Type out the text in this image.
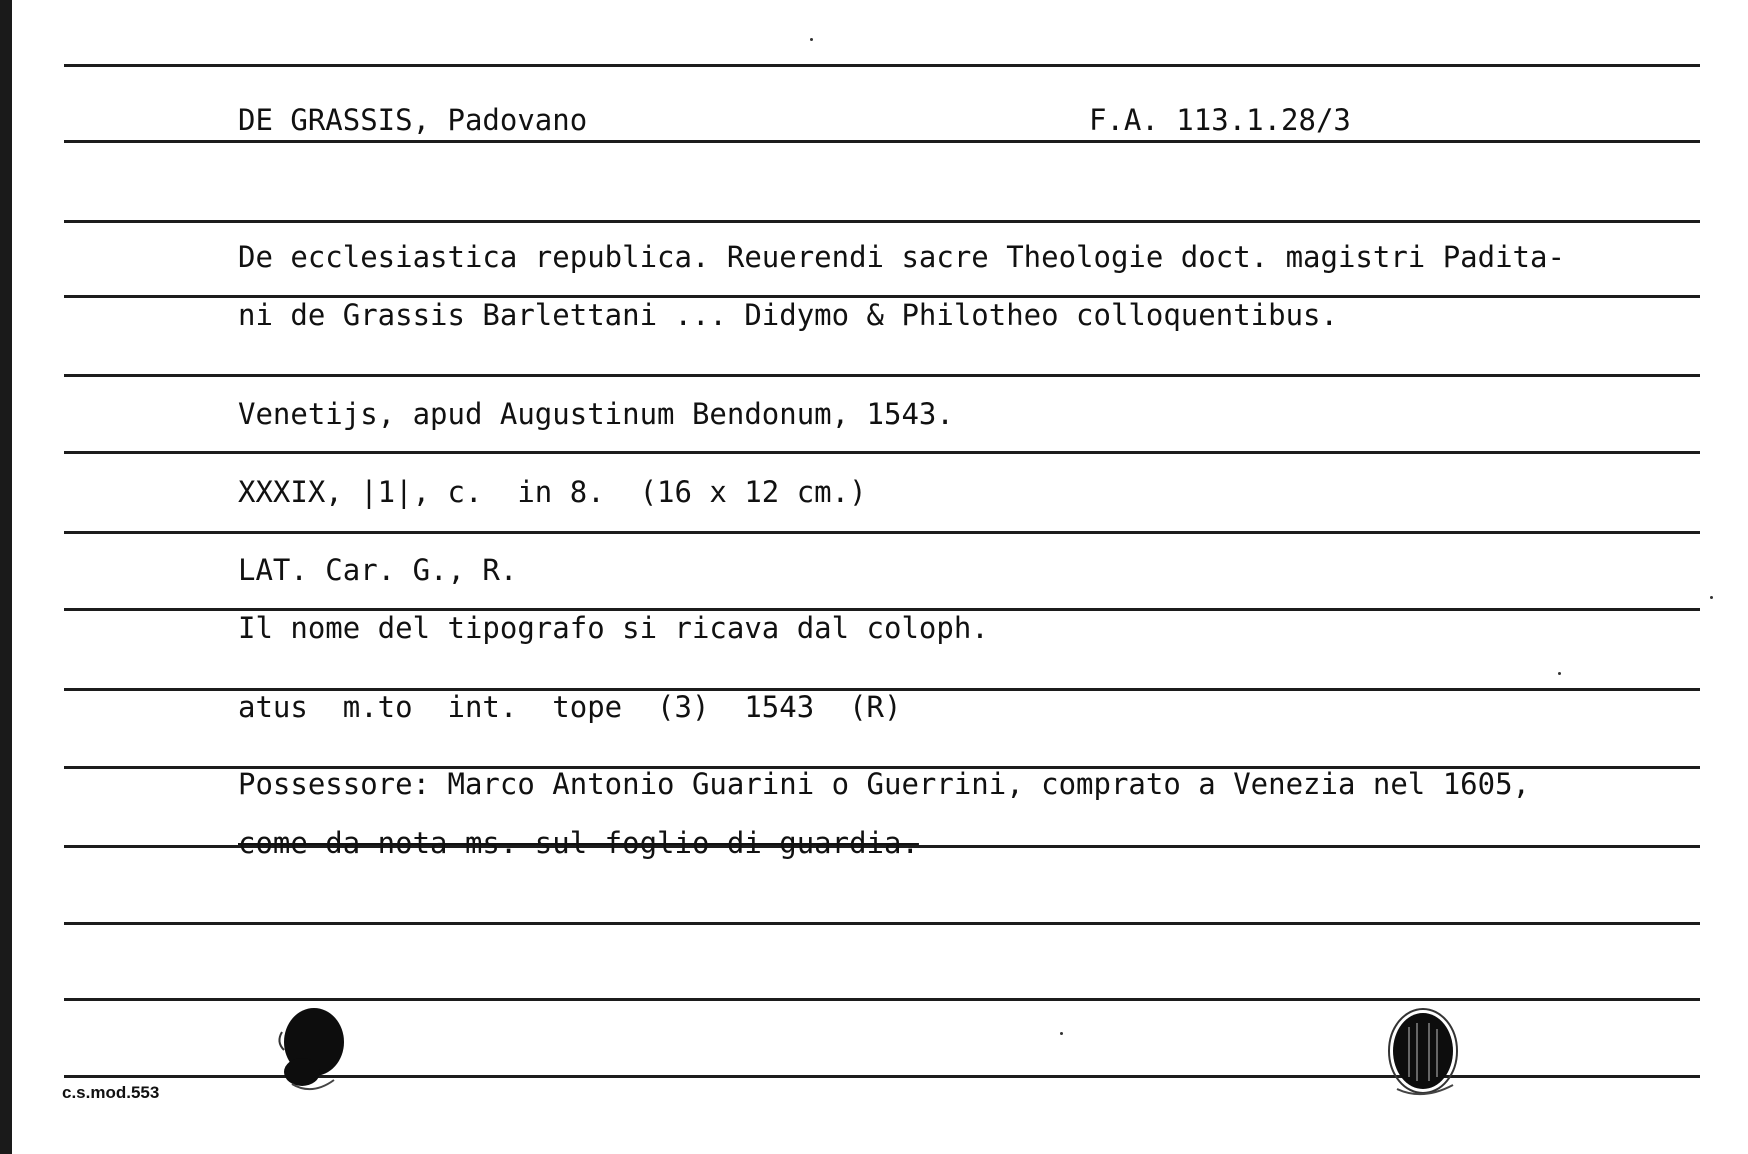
DE GRASSIS, Padovano	F.A. 113.1.28/3
De ecclesiastica republica. Reuerendi sacre Theologie doct. magistri Padita-
ni de Grassis Barlettani ... Didymo & Philotheo colloquentibus.
Venetijs, apud Augustinum Bendonum, 1543.
XXXIX, |1|, c.  in 8.  (16 x 12 cm.)
LAT. Car. G., R.
Il nome del tipografo si ricava dal coloph.
atus  m.to  int.  tope  (3)  1543  (R)
Possessore: Marco Antonio Guarini o Guerrini, comprato a Venezia nel 1605,
come da nota ms. sul foglio di guardia.
c.s.mod.553
